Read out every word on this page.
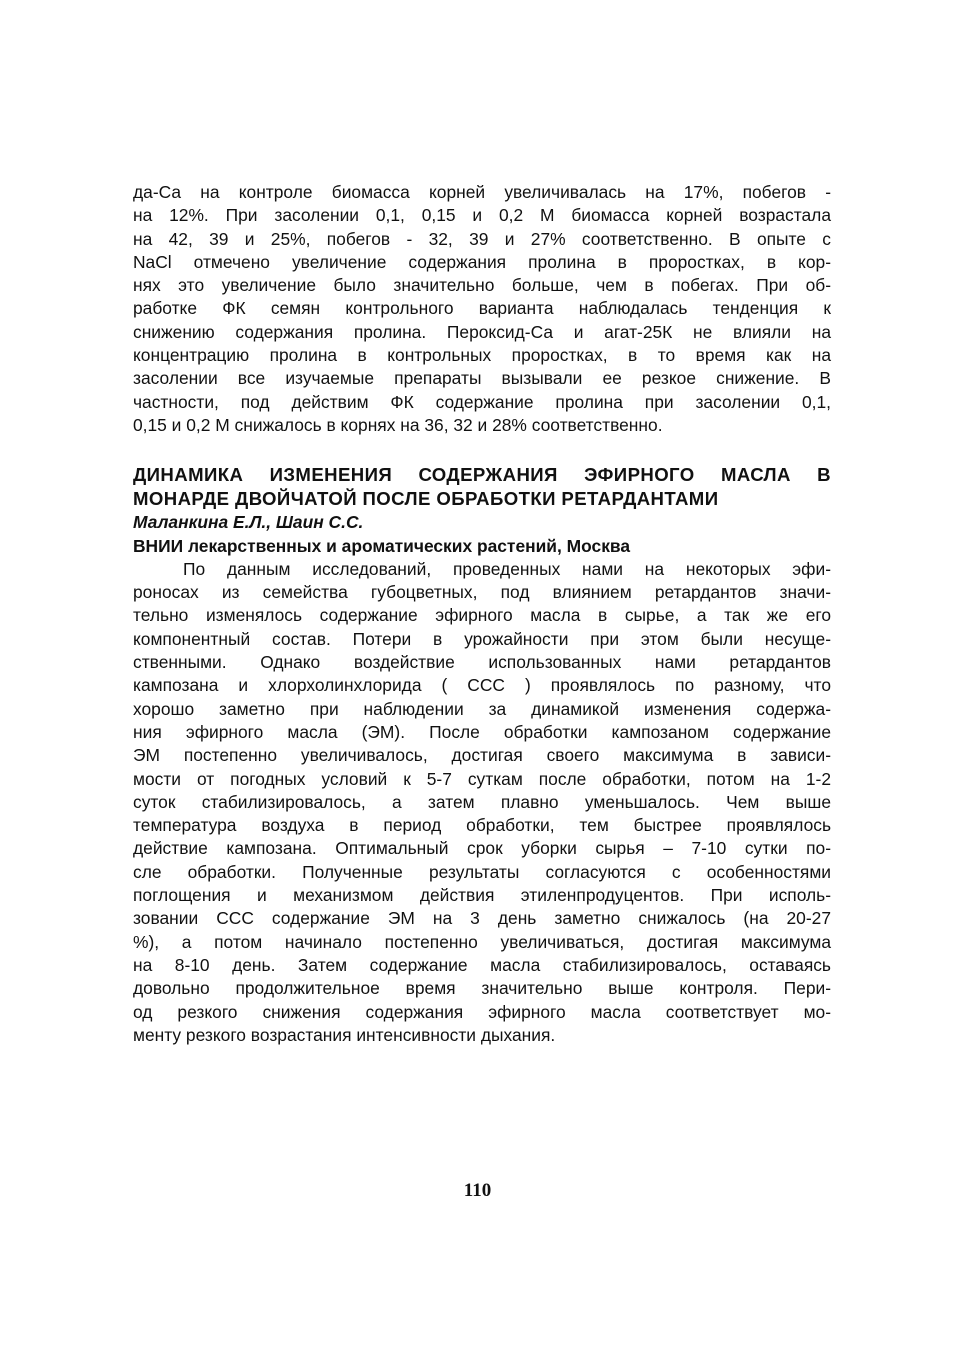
да-Са на контроле биомасса корней увеличивалась на 17%, побегов -
на 12%. При засолении 0,1, 0,15 и 0,2 М биомасса корней возрастала
на 42, 39 и 25%, побегов - 32, 39 и 27% соответственно. В опыте с
NaCl отмечено увеличение содержания пролина в проростках, в кор-
нях это увеличение было значительно больше, чем в побегах. При об-
работке ФК семян контрольного варианта наблюдалась тенденция к
снижению содержания пролина. Пероксид-Са и агат-25К не влияли на
концентрацию пролина в контрольных проростках, в то время как на
засолении все изучаемые препараты вызывали ее резкое снижение. В
частности, под действим ФК содержание пролина при засолении 0,1,
0,15 и 0,2 М снижалось в корнях на 36, 32 и 28% соответственно.
ДИНАМИКА ИЗМЕНЕНИЯ СОДЕРЖАНИЯ ЭФИРНОГО МАСЛА В
МОНАРДЕ ДВОЙЧАТОЙ ПОСЛЕ ОБРАБОТКИ РЕТАРДАНТАМИ
Маланкина Е.Л., Шаин С.С.
ВНИИ лекарственных и ароматических растений, Москва
По данным исследований, проведенных нами на некоторых эфи-
роносах из семейства губоцветных, под влиянием ретардантов значи-
тельно изменялось содержание эфирного масла в сырье, а так же его
компонентный состав. Потери в урожайности при этом были несуще-
ственными. Однако воздействие использованных нами ретардантов
кампозана и хлорхолинхлорида ( ССС ) проявлялось по разному, что
хорошо заметно при наблюдении за динамикой изменения содержа-
ния эфирного масла (ЭМ). После обработки кампозаном содержание
ЭМ постепенно увеличивалось, достигая своего максимума в зависи-
мости от погодных условий к 5-7 суткам после обработки, потом на 1-2
суток стабилизировалось, а затем плавно уменьшалось. Чем выше
температура воздуха в период обработки, тем быстрее проявлялось
действие кампозана. Оптимальный срок уборки сырья – 7-10 сутки по-
сле обработки. Полученные результаты согласуются с особенностями
поглощения и механизмом действия этиленпродуцентов. При исполь-
зовании ССС содержание ЭМ на 3 день заметно снижалось (на 20-27
%), а потом начинало постепенно увеличиваться, достигая максимума
на 8-10 день. Затем содержание масла стабилизировалось, оставаясь
довольно продолжительное время значительно выше контроля. Пери-
од резкого снижения содержания эфирного масла соответствует мо-
менту резкого возрастания интенсивности дыхания.
110
